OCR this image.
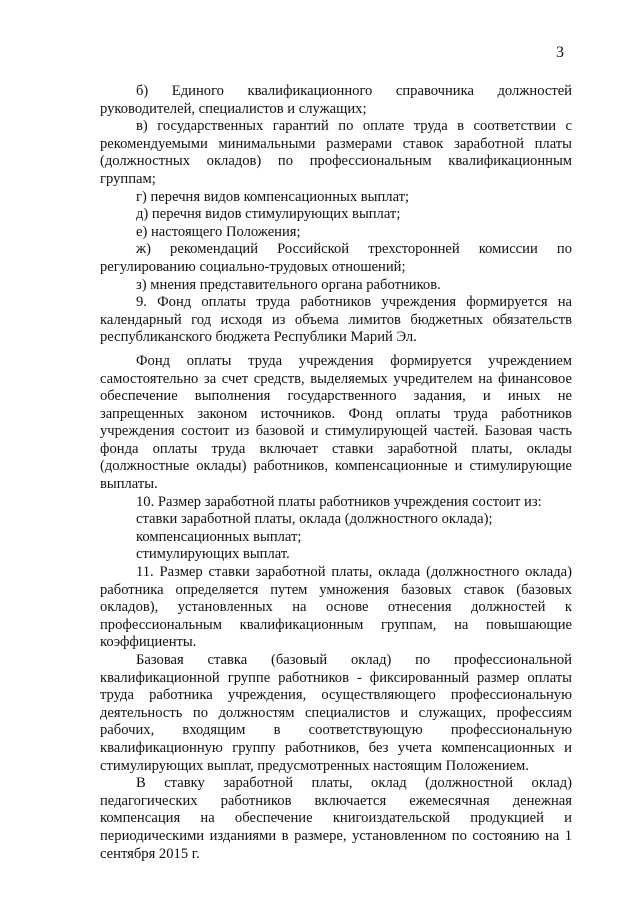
3

б) Единого квалификационного справочника должностей руководителей, специалистов и служащих;

в) государственных гарантий по оплате труда в соответствии с рекомендуемыми минимальными размерами ставок заработной платы (должностных окладов) по профессиональным квалификационным группам;

г) перечня видов компенсационных выплат;

д) перечня видов стимулирующих выплат;

е) настоящего Положения;

ж) рекомендаций Российской трехсторонней комиссии по регулированию социально-трудовых отношений;

з) мнения представительного органа работников.

9. Фонд оплаты труда работников учреждения формируется на календарный год исходя из объема лимитов бюджетных обязательств республиканского бюджета Республики Марий Эл.

Фонд оплаты труда учреждения формируется учреждением самостоятельно за счет средств, выделяемых учредителем на финансовое обеспечение выполнения государственного задания, и иных не запрещенных законом источников. Фонд оплаты труда работников учреждения состоит из базовой и стимулирующей частей. Базовая часть фонда оплаты труда включает ставки заработной платы, оклады (должностные оклады) работников, компенсационные и стимулирующие выплаты.

10. Размер заработной платы работников учреждения состоит из:

ставки заработной платы, оклада (должностного оклада);

компенсационных выплат;

стимулирующих выплат.

11. Размер ставки заработной платы, оклада (должностного оклада) работника определяется путем умножения базовых ставок (базовых окладов), установленных на основе отнесения должностей к профессиональным квалификационным группам, на повышающие коэффициенты.

Базовая ставка (базовый оклад) по профессиональной квалификационной группе работников - фиксированный размер оплаты труда работника учреждения, осуществляющего профессиональную деятельность по должностям специалистов и служащих, профессиям рабочих, входящим в соответствующую профессиональную квалификационную группу работников, без учета компенсационных и стимулирующих выплат, предусмотренных настоящим Положением.

В ставку заработной платы, оклад (должностной оклад) педагогических работников включается ежемесячная денежная компенсация на обеспечение книгоиздательской продукцией и периодическими изданиями в размере, установленном по состоянию на 1 сентября 2015 г.
